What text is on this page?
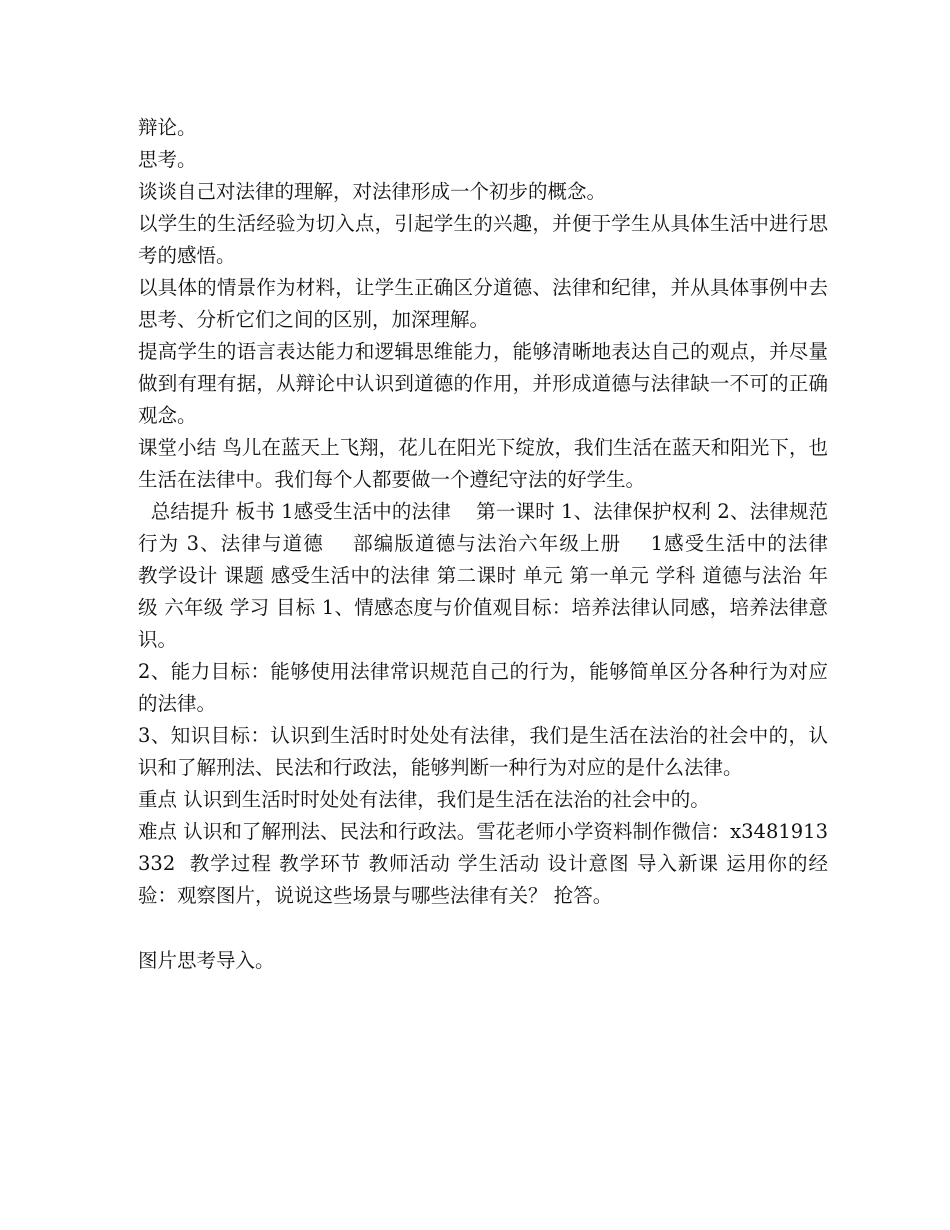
辩论。

思考。

谈谈自己对法律的理解，对法律形成一个初步的概念。

以学生的生活经验为切入点，引起学生的兴趣，并便于学生从具体生活中进行思考的感悟。

以具体的情景作为材料，让学生正确区分道德、法律和纪律，并从具体事例中去思考、分析它们之间的区别，加深理解。

提高学生的语言表达能力和逻辑思维能力，能够清晰地表达自己的观点，并尽量做到有理有据，从辩论中认识到道德的作用，并形成道德与法律缺一不可的正确观念。

课堂小结 鸟儿在蓝天上飞翔，花儿在阳光下绽放，我们生活在蓝天和阳光下，也生活在法律中。我们每个人都要做一个遵纪守法的好学生。

总结提升 板书 1感受生活中的法律    第一课时 1、法律保护权利 2、法律规范行为 3、法律与道德    部编版道德与法治六年级上册    1感受生活中的法律    教学设计 课题 感受生活中的法律 第二课时 单元 第一单元 学科 道德与法治 年级 六年级 学习 目标 1、情感态度与价值观目标：培养法律认同感，培养法律意识。

2、能力目标：能够使用法律常识规范自己的行为，能够简单区分各种行为对应的法律。

3、知识目标：认识到生活时时处处有法律，我们是生活在法治的社会中的，认识和了解刑法、民法和行政法，能够判断一种行为对应的是什么法律。

重点 认识到生活时时处处有法律，我们是生活在法治的社会中的。

难点 认识和了解刑法、民法和行政法。雪花老师小学资料制作微信：x3481913332  教学过程 教学环节 教师活动 学生活动 设计意图 导入新课 运用你的经验：观察图片，说说这些场景与哪些法律有关？ 抢答。

图片思考导入。
